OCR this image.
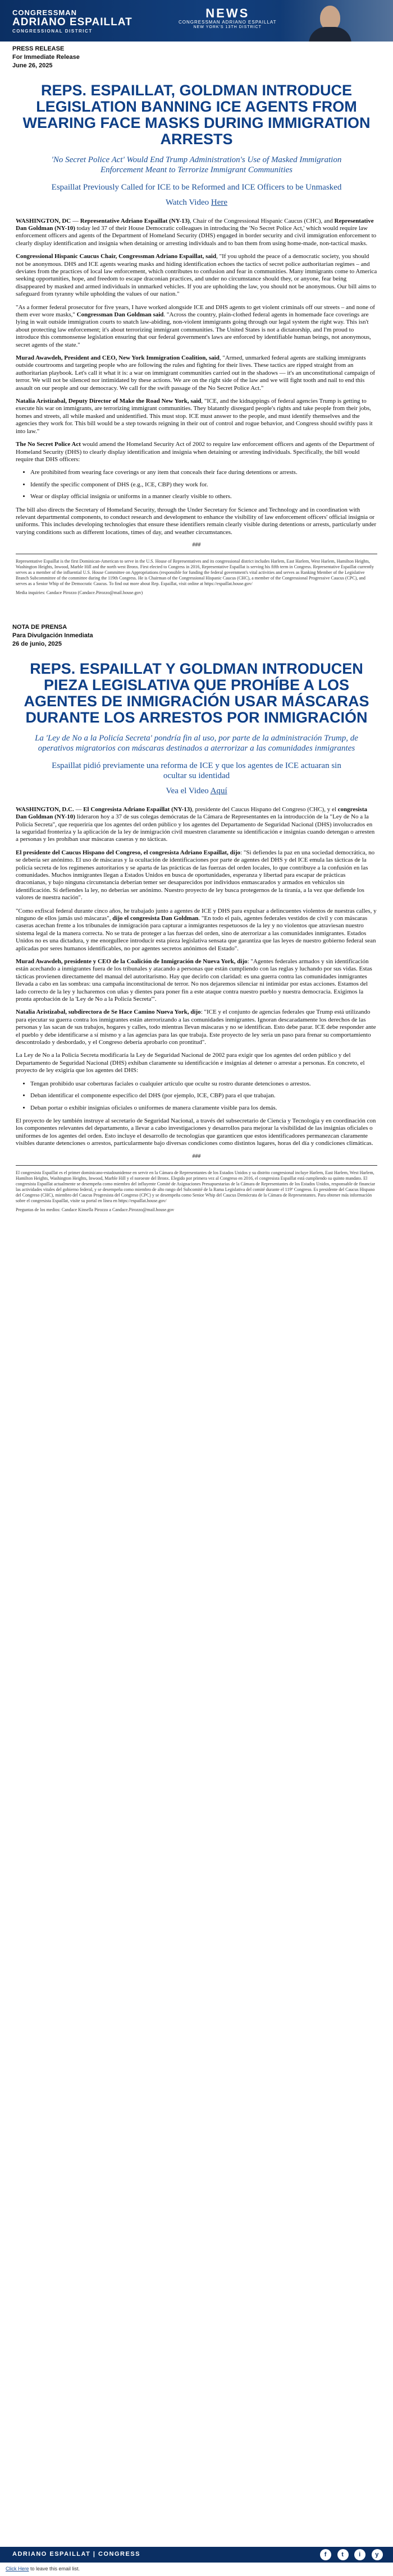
CONGRESSMAN
ADRIANO ESPAILLAT
CONGRESSIONAL DISTRICT
NEWS
CONGRESSMAN ADRIANO ESPAILLAT
NEW YORK'S 13TH DISTRICT
PRESS RELEASE
For Immediate Release
June 26, 2025
REPS. ESPAILLAT, GOLDMAN INTRODUCE LEGISLATION BANNING ICE AGENTS FROM WEARING FACE MASKS DURING IMMIGRATION ARRESTS
'No Secret Police Act' Would End Trump Administration's Use of Masked Immigration Enforcement Meant to Terrorize Immigrant Communities
Espaillat Previously Called for ICE to be Reformed and ICE Officers to be Unmasked
Watch Video Here

WASHINGTON, DC — Representative Adriano Espaillat (NY-13), Chair of the Congressional Hispanic Caucus (CHC), and Representative Dan Goldman (NY-10) today led 37 of their House Democratic colleagues in introducing the 'No Secret Police Act,' which would require law enforcement officers and agents of the Department of Homeland Security (DHS) engaged in border security and civil immigration enforcement to clearly display identification and insignia when detaining or arresting individuals and to ban them from using home-made, non-tactical masks.

Congressional Hispanic Caucus Chair, Congressman Adriano Espaillat, said, "If you uphold the peace of a democratic society, you should not be anonymous. DHS and ICE agents wearing masks and hiding identification echoes the tactics of secret police authoritarian regimes – and deviates from the practices of local law enforcement, which contributes to confusion and fear in communities. Many immigrants come to America seeking opportunities, hope, and freedom to escape draconian practices, and under no circumstance should they, or anyone, fear being disappeared by masked and armed individuals in unmarked vehicles. If you are upholding the law, you should not be anonymous. Our bill aims to safeguard from tyranny while upholding the values of our nation."

"As a former federal prosecutor for five years, I have worked alongside ICE and DHS agents to get violent criminals off our streets – and none of them ever wore masks," Congressman Dan Goldman said. "Across the country, plain-clothed federal agents in homemade face coverings are lying in wait outside immigration courts to snatch law-abiding, non-violent immigrants going through our legal system the right way. This isn't about protecting law enforcement; it's about terrorizing immigrant communities. The United States is not a dictatorship, and I'm proud to introduce this commonsense legislation ensuring that our federal government's laws are enforced by identifiable human beings, not anonymous, secret agents of the state."

Murad Awawdeh, President and CEO, New York Immigration Coalition, said, "Armed, unmarked federal agents are stalking immigrants outside courtrooms and targeting people who are following the rules and fighting for their lives. These tactics are ripped straight from an authoritarian playbook. Let's call it what it is: a war on immigrant communities carried out in the shadows — it's an unconstitutional campaign of terror. We will not be silenced nor intimidated by these actions. We are on the right side of the law and we will fight tooth and nail to end this assault on our people and our democracy. We call for the swift passage of the No Secret Police Act."

Natalia Aristizabal, Deputy Director of Make the Road New York, said, "ICE, and the kidnappings of federal agencies Trump is getting to execute his war on immigrants, are terrorizing immigrant communities. They blatantly disregard people's rights and take people from their jobs, homes and streets, all while masked and unidentified. This must stop. ICE must answer to the people, and must identify themselves and the agencies they work for. This bill would be a step towards reigning in their out of control and rogue behavior, and Congress should swiftly pass it into law."

The No Secret Police Act would amend the Homeland Security Act of 2002 to require law enforcement officers and agents of the Department of Homeland Security (DHS) to clearly display identification and insignia when detaining or arresting individuals. Specifically, the bill would require that DHS officers:

• Are prohibited from wearing face coverings or any item that conceals their face during detentions or arrests.
• Identify the specific component of DHS (e.g., ICE, CBP) they work for.
• Wear or display official insignia or uniforms in a manner clearly visible to others.

The bill also directs the Secretary of Homeland Security, through the Under Secretary for Science and Technology and in coordination with relevant departmental components, to conduct research and development to enhance the visibility of law enforcement officers' official insignia or uniforms. This includes developing technologies that ensure these identifiers remain clearly visible during detentions or arrests, particularly under varying conditions such as different locations, times of day, and weather circumstances.

###

Representative Espaillat is the first Dominican-American to serve in the U.S. House of Representatives and its congressional district includes Harlem, East Harlem, West Harlem, Hamilton Heights, Washington Heights, Inwood, Marble Hill and the north west Bronx. First elected to Congress in 2016, Representative Espaillat is serving his fifth term in Congress. Representative Espaillat currently serves as a member of the influential U.S. House Committee on Appropriations (responsible for funding the federal government's vital activities and serves as Ranking Member of the Legislative Branch Subcommittee of the committee during the 119th Congress. He is Chairman of the Congressional Hispanic Caucus (CHC), a member of the Congressional Progressive Caucus (CPC), and serves as a Senior Whip of the Democratic Caucus. To find out more about Rep. Espaillat, visit online at https://espaillat.house.gov/

Media inquiries: Candace Pirozzo (Candace.Pirozzo@mail.house.gov)

NOTA DE PRENSA
Para Divulgación Inmediata
26 de junio, 2025
REPS. ESPAILLAT Y GOLDMAN INTRODUCEN PIEZA LEGISLATIVA QUE PROHÍBE A LOS AGENTES DE INMIGRACIÓN USAR MÁSCARAS DURANTE LOS ARRESTOS POR INMIGRACIÓN
La 'Ley de No a la Policía Secreta' pondría fin al uso, por parte de la administración Trump, de operativos migratorios con máscaras destinados a aterrorizar a las comunidades inmigrantes
Espaillat pidió previamente una reforma de ICE y que los agentes de ICE actuaran sin ocultar su identidad
Vea el Video Aquí

WASHINGTON, D.C. — El Congresista Adriano Espaillat (NY-13), presidente del Caucus Hispano del Congreso (CHC), y el congresista Dan Goldman (NY-10) lideraron hoy a 37 de sus colegas demócratas de la Cámara de Representantes en la introducción de la "Ley de No a la Policía Secreta", que requeriría que los agentes del orden público y los agentes del Departamento de Seguridad Nacional (DHS) involucrados en la seguridad fronteriza y la aplicación de la ley de inmigración civil muestren claramente su identificación e insignias cuando detengan o arresten a personas y les prohíban usar máscaras caseras y no tácticas.

El presidente del Caucus Hispano del Congreso, el congresista Adriano Espaillat, dijo: "Si defiendes la paz en una sociedad democrática, no se debería ser anónimo. El uso de máscaras y la ocultación de identificaciones por parte de agentes del DHS y del ICE emula las tácticas de la policía secreta de los regímenes autoritarios y se aparta de las prácticas de las fuerzas del orden locales, lo que contribuye a la confusión en las comunidades. Muchos inmigrantes llegan a Estados Unidos en busca de oportunidades, esperanza y libertad para escapar de prácticas draconianas, y bajo ninguna circunstancia deberían temer ser desaparecidos por individuos enmascarados y armados en vehículos sin identificación. Si defiendes la ley, no deberías ser anónimo. Nuestro proyecto de ley busca protegernos de la tiranía, a la vez que defiende los valores de nuestra nación".

"Como exfiscal federal durante cinco años, he trabajado junto a agentes de ICE y DHS para expulsar a delincuentes violentos de nuestras calles, y ninguno de ellos jamás usó máscaras", dijo el congresista Dan Goldman. "En todo el país, agentes federales vestidos de civil y con máscaras caseras acechan frente a los tribunales de inmigración para capturar a inmigrantes respetuosos de la ley y no violentos que atraviesan nuestro sistema legal de la manera correcta. No se trata de proteger a las fuerzas del orden, sino de aterrorizar a las comunidades inmigrantes. Estados Unidos no es una dictadura, y me enorgullece introducir esta pieza legislativa sensata que garantiza que las leyes de nuestro gobierno federal sean aplicadas por seres humanos identificables, no por agentes secretos anónimos del Estado".

Murad Awawdeh, presidente y CEO de la Coalición de Inmigración de Nueva York, dijo: "Agentes federales armados y sin identificación están acechando a inmigrantes fuera de los tribunales y atacando a personas que están cumpliendo con las reglas y luchando por sus vidas. Estas tácticas provienen directamente del manual del autoritarismo. Hay que decirlo con claridad: es una guerra contra las comunidades inmigrantes llevada a cabo en las sombras: una campaña inconstitucional de terror. No nos dejaremos silenciar ni intimidar por estas acciones. Estamos del lado correcto de la ley y lucharemos con uñas y dientes para poner fin a este ataque contra nuestro pueblo y nuestra democracia. Exigimos la pronta aprobación de la 'Ley de No a la Policía Secreta'".

Natalia Aristizabal, subdirectora de Se Hace Camino Nueva York, dijo: "ICE y el conjunto de agencias federales que Trump está utilizando para ejecutar su guerra contra los inmigrantes están aterrorizando a las comunidades inmigrantes. Ignoran descaradamente los derechos de las personas y las sacan de sus trabajos, hogares y calles, todo mientras llevan máscaras y no se identifican. Esto debe parar. ICE debe responder ante el pueblo y debe identificarse a sí mismo y a las agencias para las que trabaja. Este proyecto de ley sería un paso para frenar su comportamiento descontrolado y desbordado, y el Congreso debería aprobarlo con prontitud".

La Ley de No a la Policía Secreta modificaría la Ley de Seguridad Nacional de 2002 para exigir que los agentes del orden público y del Departamento de Seguridad Nacional (DHS) exhiban claramente su identificación e insignias al detener o arrestar a personas. En concreto, el proyecto de ley exigiría que los agentes del DHS:

• Tengan prohibido usar coberturas faciales o cualquier artículo que oculte su rostro durante detenciones o arrestos.
• Deban identificar el componente específico del DHS (por ejemplo, ICE, CBP) para el que trabajan.
• Deban portar o exhibir insignias oficiales o uniformes de manera claramente visible para los demás.

El proyecto de ley también instruye al secretario de Seguridad Nacional, a través del subsecretario de Ciencia y Tecnología y en coordinación con los componentes relevantes del departamento, a llevar a cabo investigaciones y desarrollos para mejorar la visibilidad de las insignias oficiales o uniformes de los agentes del orden. Esto incluye el desarrollo de tecnologías que garanticen que estos identificadores permanezcan claramente visibles durante detenciones o arrestos, particularmente bajo diversas condiciones como distintos lugares, horas del día y condiciones climáticas.

###

El congresista Espaillat es el primer dominicano-estadounidense en servir en la Cámara de Representantes de los Estados Unidos y su distrito congresional incluye Harlem, East Harlem, West Harlem, Hamilton Heights, Washington Heights, Inwood, Marble Hill y el noroeste del Bronx. Elegido por primera vez al Congreso en 2016, el congresista Espaillat está cumpliendo su quinto mandato. El congresista Espaillat actualmente se desempeña como miembro del influyente Comité de Asignaciones Presupuestarias de la Cámara de Representantes de los Estados Unidos, responsable de financiar las actividades vitales del gobierno federal, y se desempeña como miembro de alto rango del Subcomité de la Rama Legislativa del comité durante el 119º Congreso. Es presidente del Caucus Hispano del Congreso (CHC), miembro del Caucus Progresista del Congreso (CPC) y se desempeña como Senior Whip del Caucus Demócrata de la Cámara de Representantes. Para obtener más información sobre el congresista Espaillat, visite su portal en línea en https://espaillat.house.gov/

Preguntas de los medios: Candace Kinsella Pirozzo a Candace.Pirozzo@mail.house.gov

ADRIANO ESPAILLAT | CONGRESS	f t i y
Click Here to leave this email list.
